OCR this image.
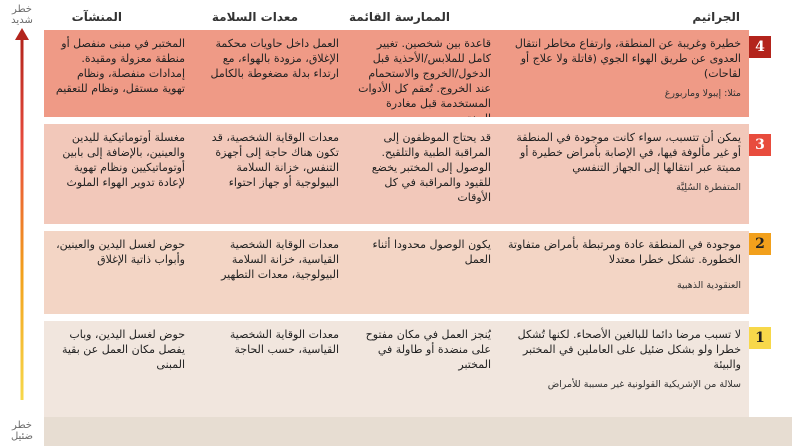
الجراثيم
الممارسة القائمة
معدات السلامة
المنشآت
خطيرة وغريبة عن المنطقة، وارتفاع مخاطر انتقال العدوى عن طريق الهواء الجوي (قاتلة ولا علاج أو لقاحات)
مثلا: إيبولا وماربورغ
قاعدة بين شخصين. تغيير كامل للملابس/الأحذية قبل الدخول/الخروج والاستحمام عند الخروج. تُعقم كل الأدوات المستخدمة قبل مغادرة
العمل داخل حاويات محكمة الإغلاق، مزودة بالهواء، مع ارتداء بدلة مضغوطة بالكامل
المختبر في مبنى منفصل أو منطقة معزولة ومقيدة. إمدادات منفصلة، ونظام تهوية مستقل، ونظام للتعقيم
4
يمكن أن تتسبب، سواء كانت موجودة في المنطقة أو غير مألوفة فيها، في الإصابة بأمراض خطيرة أو مميتة عبر انتقالها إلى الجهاز التنفسي
المتفطرة السُلِيَّة
قد يحتاج الموظفون إلى المراقبة الطبية والتلقيح. الوصول إلى المختبر يخضع للقيود والمراقبة في كل الأوقات
معدات الوقاية الشخصية، قد تكون هناك حاجة إلى أجهزة التنفس، خزانة السلامة البيولوجية أو جهاز احتواء
مغسلة أوتوماتيكية لليدين والعينين، بالإضافة إلى بابين أوتوماتيكيين ونظام تهوية لإعادة تدوير الهواء الملوث
3
موجودة في المنطقة عادة ومرتبطة بأمراض متفاوتة الخطورة. تشكل خطرا معتدلا
العنقودية الذهبية
يكون الوصول محدودا أثناء العمل
معدات الوقاية الشخصية القياسية، خزانة السلامة البيولوجية، معدات التطهير
حوض لغسل اليدين والعينين، وأبواب ذاتية الإغلاق
2
لا تسبب مرضا دائما للبالغين الأصحاء. لكنها تُشكل خطرا ولو بشكل ضئيل على العاملين في المختبر والبيئة
سلالة من الإشريكية القولونية غير مسببة للأمراض
يُنجز العمل في مكان مفتوح على منضدة أو طاولة في المختبر
معدات الوقاية الشخصية القياسية، حسب الحاجة
حوض لغسل اليدين، وباب يفصل مكان العمل عن بقية المبنى
1
خطر شديد
خطر ضئيل
